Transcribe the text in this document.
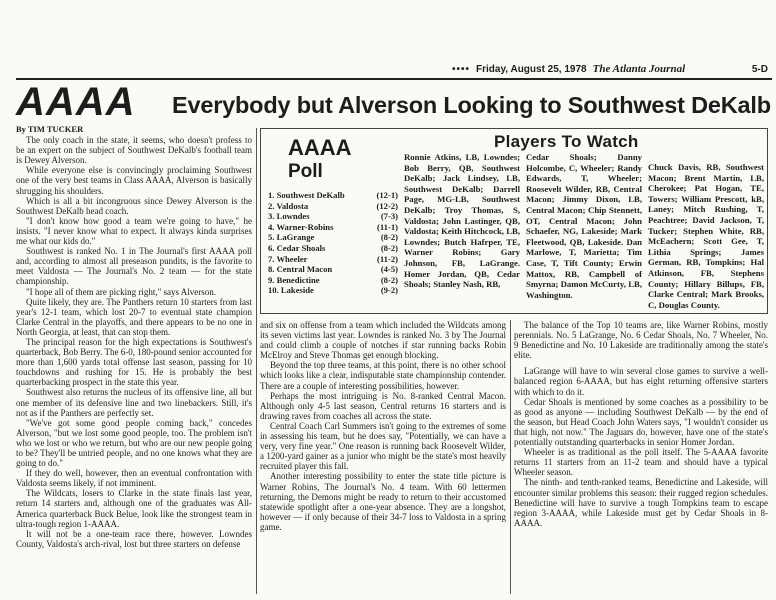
•••• Friday, August 25, 1978 The Atlanta Journal	5-D
AAAA	Everybody but Alverson Looking to Southwest DeKalb

By TIM TUCKER

The only coach in the state, it seems, who doesn't profess to be an expert on the subject of Southwest DeKalb's football team is Dewey Alverson.

While everyone else is convincingly proclaiming Southwest one of the very best teams in Class AAAA, Alverson is basically shrugging his shoulders.

Which is all a bit incongruous since Dewey Alverson is the Southwest DeKalb head coach.

"I don't know how good a team we're going to have," he insists. "I never know what to expect. It always kinda surprises me what our kids do."

Southwest is ranked No. 1 in The Journal's first AAAA poll and, according to almost all preseason pundits, is the favorite to meet Valdosta — The Journal's No. 2 team — for the state championship.

"I hope all of them are picking right," says Alverson.

Quite likely, they are. The Panthers return 10 starters from last year's 12-1 team, which lost 20-7 to eventual state champion Clarke Central in the playoffs, and there appears to be no one in North Georgia, at least, that can stop them.

The principal reason for the high expectations is Southwest's quarterback, Bob Berry. The 6-0, 180-pound senior accounted for more than 1,600 yards total offense last season, passing for 10 touchdowns and rushing for 15. He is probably the best quarterbacking prospect in the state this year.

Southwest also returns the nucleus of its offensive line, all but one member of its defensive line and two linebackers. Still, it's not as if the Panthers are perfectly set.

"We've got some good people coming back," concedes Alverson, "but we lost some good people, too. The problem isn't who we lost or who we return, but who are our new people going to be? They'll be untried people, and no one knows what they are going to do."

If they do well, however, then an eventual confrontation with Valdosta seems likely, if not imminent.

The Wildcats, losers to Clarke in the state finals last year, return 14 starters and, although one of the graduates was All-America quarterback Buck Belue, look like the strongest team in ultra-tough region 1-AAAA.

It will not be a one-team race there, however. Lowndes County, Valdosta's arch-rival, lost but three starters on defense

AAAA
Poll
1. Southwest DeKalb	(12-1)
2. Valdosta	(12-2)
3. Lowndes	(7-3)
4. Warner-Robins	(11-1)
5. LaGrange	(8-2)
6. Cedar Shoals	(8-2)
7. Wheeler	(11-2)
8. Central Macon	(4-5)
9. Benedictine	(8-2)
10. Lakeside	(9-2)
Players To Watch
Ronnie Atkins, LB, Lowndes; Bob Berry, QB, Southwest DeKalb; Jack Lindsey, LB, Southwest DeKalb; Darrell Page, MG-LB, Southwest DeKalb; Troy Thomas, S, Valdosta; John Lastinger, QB, Valdosta; Keith Hitchcock, LB, Lowndes; Butch Hafrper, TE, Warner Robins; Gary Johnson, FB, LaGrange. Homer Jordan, QB, Cedar Shoals; Stanley Nash, RB,
Cedar Shoals; Danny Holcombe, C, Wheeler; Randy Edwards, T, Wheeler; Roosevelt Wilder, RB, Central Macon; Jimmy Dixon, LB, Central Macon; Chip Stennett, OT, Central Macon; John Schaefer, NG, Lakeside; Mark Fleetwood, QB, Lakeside. Dan Marlowe, T, Marietta; Tim Case, T, Tift County; Erwin Mattox, RB, Campbell of Smyrna; Damon McCurty, LB, Washington.
Chuck Davis, RB, Southwest Macon; Brent Martin, LB, Cherokee; Pat Hogan, TE, Towers; William Prescott, kB, Laney; Mitch Rushing, T, Peachtree; David Jackson, T, Tucker; Stephen White, RB, McEachern; Scott Gee, T, Lithia Springs; James German, RB, Tompkins; Hal Atkinson, FB, Stephens County; Hillary Billups, FB, Clarke Central; Mark Brooks, C, Douglas County.

and six on offense from a team which included the Wildcats among its seven victims last year. Lowndes is ranked No. 3 by The Journal and could climb a couple of notches if star running backs Robin McElroy and Steve Thomas get enough blocking.

Beyond the top three teams, at this point, there is no other school which looks like a clear, indisputable state championship contender. There are a couple of interesting possibilities, however.

Perhaps the most intriguing is No. 8-ranked Central Macon. Although only 4-5 last season, Central returns 16 starters and is drawing raves from coaches all across the state.

Central Coach Carl Summers isn't going to the extremes of some in assessing his team, but he does say, "Potentially, we can have a very, very fine year." One reason is running back Roosevelt Wilder, a 1200-yard gainer as a junior who might be the state's most heavily recruited player this fall.

Another interesting possibility to enter the state title picture is Warner Robins, The Journal's No. 4 team. With 60 lettermen returning, the Demons might be ready to return to their accustomed statewide spotlight after a one-year absence. They are a longshot, however — if only because of their 34-7 loss to Valdosta in a spring game.

The balance of the Top 10 teams are, like Warner Robins, mostly perennials. No. 5 LaGrange, No. 6 Cedar Shoals, No. 7 Wheeler, No. 9 Benedictine and No. 10 Lakeside are traditionally among the state's elite.

LaGrange will have to win several close games to survive a well-balanced region 6-AAAA, but has eight returning offensive starters with which to do it.

Cedar Shoals is mentioned by some coaches as a possibility to be as good as anyone — including Southwest DeKalb — by the end of the season, but Head Coach John Waters says, "I wouldn't consider us that high, not now." The Jaguars do, however, have one of the state's potentially outstanding quarterbacks in senior Homer Jordan.

Wheeler is as traditional as the poll itself. The 5-AAAA favorite returns 11 starters from an 11-2 team and should have a typical Wheeler season.

The ninth- and tenth-ranked teams, Benedictine and Lakeside, will encounter similar problems this season: their rugged region schedules. Benedictine will have to survive a tough Tompkins team to escape region 3-AAAA, while Lakeside must get by Cedar Shoals in 8-AAAA.
